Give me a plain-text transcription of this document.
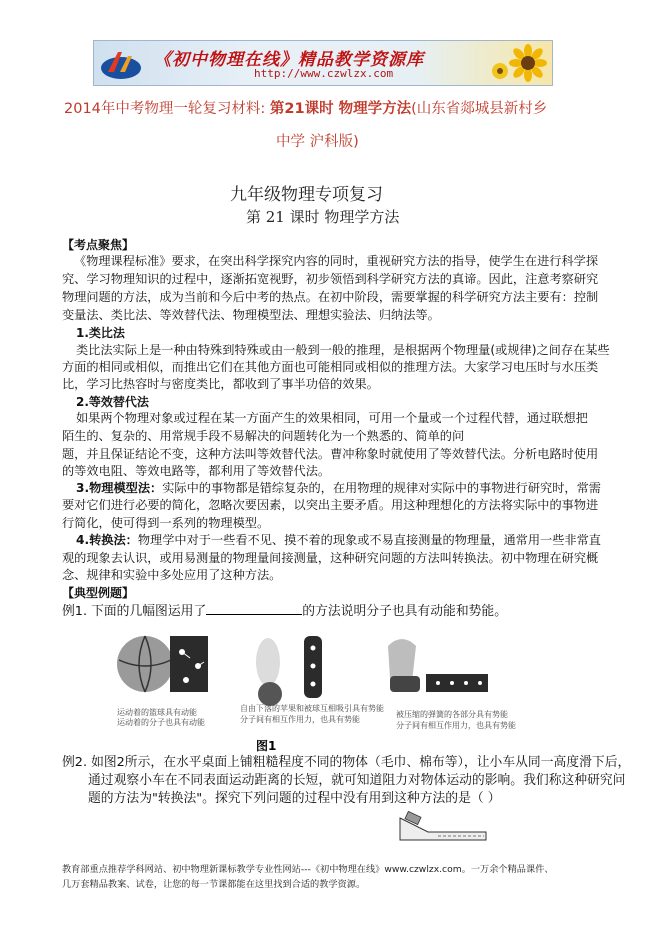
《初中物理在线》精品教学资源库
http://www.czwlzx.com
2014年中考物理一轮复习材料: 第21课时 物理学方法(山东省郯城县新村乡
中学 沪科版)
九年级物理专项复习
第 21 课时 物理学方法
【考点聚焦】
《物理课程标准》要求，在突出科学探究内容的同时，重视研究方法的指导，使学生在进行科学探
究、学习物理知识的过程中，逐渐拓宽视野，初步领悟到科学研究方法的真谛。因此，注意考察研究
物理问题的方法，成为当前和今后中考的热点。在初中阶段，需要掌握的科学研究方法主要有：控制
变量法、类比法、等效替代法、物理模型法、理想实验法、归纳法等。
1.类比法
类比法实际上是一种由特殊到特殊或由一般到一般的推理，是根据两个物理量(或规律)之间存在某些
方面的相同或相似，而推出它们在其他方面也可能相同或相似的推理方法。大家学习电压时与水压类
比，学习比热容时与密度类比，都收到了事半功倍的效果。
2.等效替代法
如果两个物理对象或过程在某一方面产生的效果相同，可用一个量或一个过程代替，通过联想把
陌生的、复杂的、用常规手段不易解决的问题转化为一个熟悉的、简单的问
题，并且保证结论不变，这种方法叫等效替代法。曹冲称象时就使用了等效替代法。分析电路时使用
的等效电阻、等效电路等，都利用了等效替代法。
3.物理模型法：实际中的事物都是错综复杂的，在用物理的规律对实际中的事物进行研究时，常需
要对它们进行必要的简化，忽略次要因素，以突出主要矛盾。用这种理想化的方法将实际中的事物进
行简化，使可得到一系列的物理模型。
4.转换法：物理学中对于一些看不见、摸不着的现象或不易直接测量的物理量，通常用一些非常直
观的现象去认识，或用易测量的物理量间接测量，这种研究问题的方法叫转换法。初中物理在研究概
念、规律和实验中多处应用了这种方法。
【典型例题】
例1. 下面的几幅图运用了	的方法说明分子也具有动能和势能。
运动着的篮球具有动能
运动着的分子也具有动能
自由下落的苹果和被球互相吸引具有势能
分子间有相互作用力，也具有势能
被压缩的弹簧的各部分具有势能
分子间有相互作用力，也具有势能
图1
例2. 如图2所示，在水平桌面上铺粗糙程度不同的物体（毛巾、棉布等），让小车从同一高度滑下后，
通过观察小车在不同表面运动距离的长短，就可知道阻力对物体运动的影响。我们称这种研究问
题的方法为"转换法"。探究下列问题的过程中没有用到这种方法的是（ ）
教育部重点推荐学科网站、初中物理新课标教学专业性网站---《初中物理在线》www.czwlzx.com。一万余个精品课件、
几万套精品教案、试卷，让您的每一节课都能在这里找到合适的教学资源。
